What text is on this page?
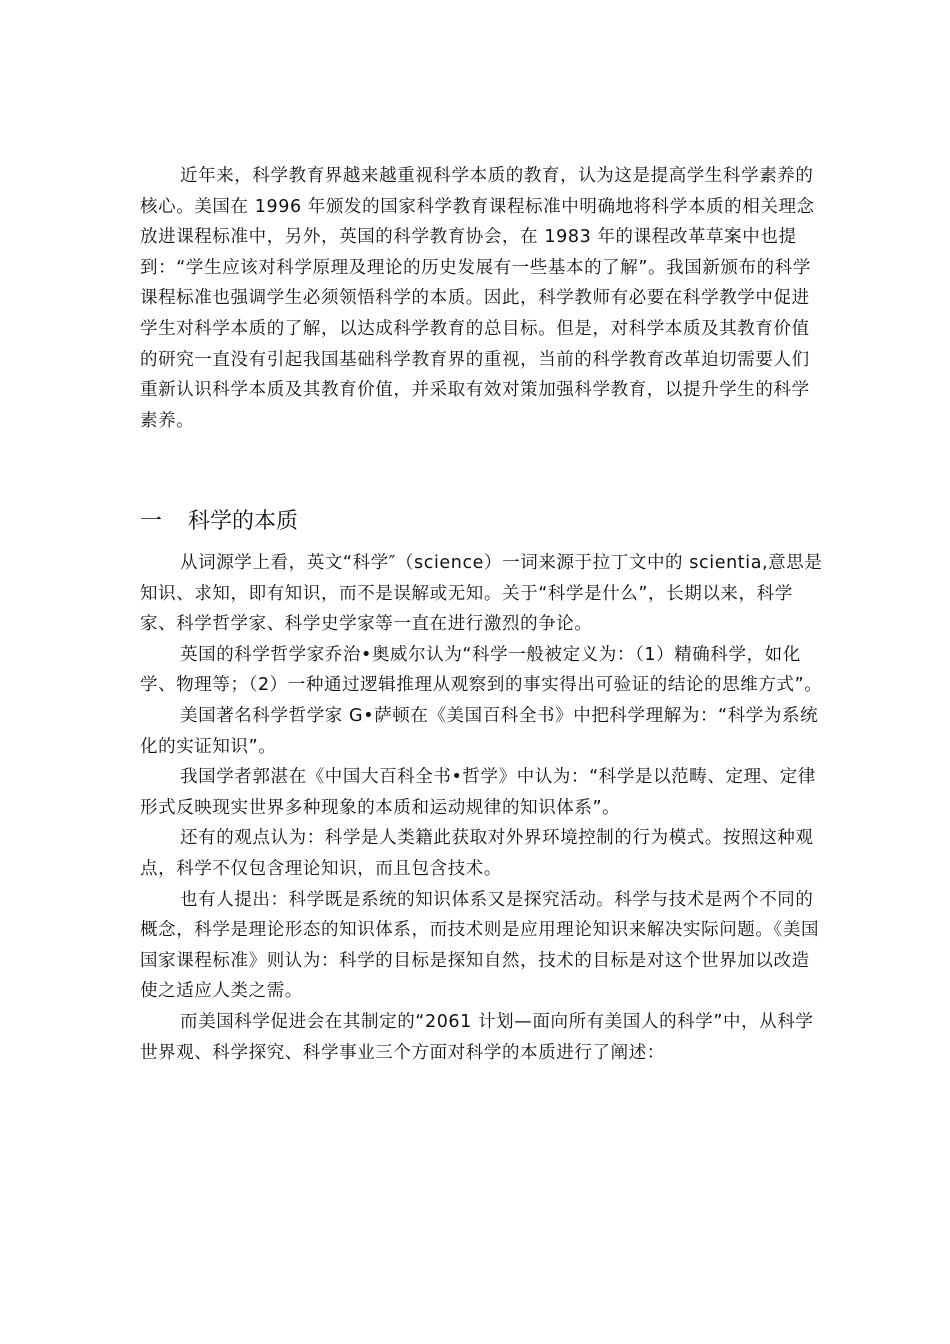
近年来，科学教育界越来越重视科学本质的教育，认为这是提高学生科学素养的核心。美国在 1996 年颁发的国家科学教育课程标准中明确地将科学本质的相关理念放进课程标准中，另外，英国的科学教育协会，在 1983 年的课程改革草案中也提到：“学生应该对科学原理及理论的历史发展有一些基本的了解”。我国新颁布的科学课程标准也强调学生必须领悟科学的本质。因此，科学教师有必要在科学教学中促进学生对科学本质的了解，以达成科学教育的总目标。但是，对科学本质及其教育价值的研究一直没有引起我国基础科学教育界的重视，当前的科学教育改革迫切需要人们重新认识科学本质及其教育价值，并采取有效对策加强科学教育，以提升学生的科学素养。

一 科学的本质

从词源学上看，英文“科学″（science）一词来源于拉丁文中的 scientia,意思是知识、求知，即有知识，而不是误解或无知。关于“科学是什么”，长期以来，科学家、科学哲学家、科学史学家等一直在进行激烈的争论。

英国的科学哲学家乔治•奥威尔认为“科学一般被定义为：（1）精确科学，如化学、物理等；（2）一种通过逻辑推理从观察到的事实得出可验证的结论的思维方式”。

美国著名科学哲学家 G•萨顿在《美国百科全书》中把科学理解为：“科学为系统化的实证知识”。

我国学者郭湛在《中国大百科全书•哲学》中认为：“科学是以范畴、定理、定律形式反映现实世界多种现象的本质和运动规律的知识体系”。

还有的观点认为：科学是人类籍此获取对外界环境控制的行为模式。按照这种观点，科学不仅包含理论知识，而且包含技术。

也有人提出：科学既是系统的知识体系又是探究活动。科学与技术是两个不同的概念，科学是理论形态的知识体系，而技术则是应用理论知识来解决实际问题。《美国国家课程标准》则认为：科学的目标是探知自然，技术的目标是对这个世界加以改造使之适应人类之需。

而美国科学促进会在其制定的“2061 计划—面向所有美国人的科学”中，从科学世界观、科学探究、科学事业三个方面对科学的本质进行了阐述：
